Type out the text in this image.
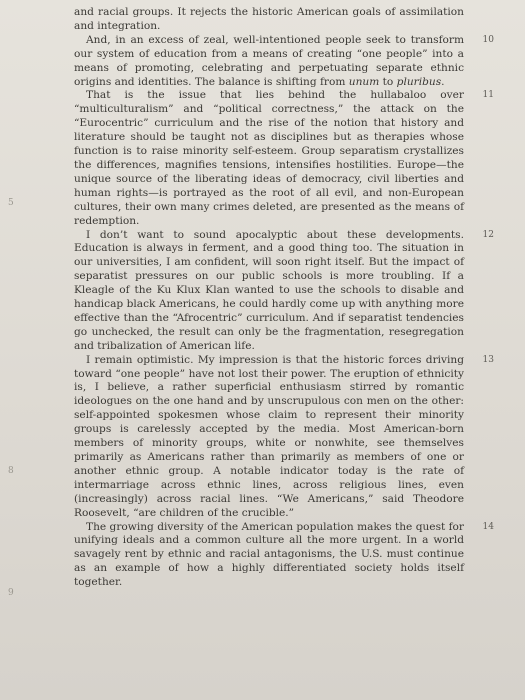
5
8
9

and racial groups. It rejects the historic American goals of assimilation and integration.

10
And, in an excess of zeal, well-intentioned people seek to transform our system of education from a means of creating “one people” into a means of promoting, celebrating and perpetuating separate ethnic origins and identities. The balance is shifting from unum to pluribus.

11
That is the issue that lies behind the hullabaloo over “multiculturalism” and “political correctness,” the attack on the “Eurocentric” curriculum and the rise of the notion that history and literature should be taught not as disciplines but as therapies whose function is to raise minority self-esteem. Group separatism crystallizes the differences, magnifies tensions, intensifies hostilities. Europe—the unique source of the liberating ideas of democracy, civil liberties and human rights—is portrayed as the root of all evil, and non-European cultures, their own many crimes deleted, are presented as the means of redemption.

12
I don’t want to sound apocalyptic about these developments. Education is always in ferment, and a good thing too. The situation in our universities, I am confident, will soon right itself. But the impact of separatist pressures on our public schools is more troubling. If a Kleagle of the Ku Klux Klan wanted to use the schools to disable and handicap black Americans, he could hardly come up with anything more effective than the “Afrocentric” curriculum. And if separatist tendencies go unchecked, the result can only be the fragmentation, resegregation and tribalization of American life.

13
I remain optimistic. My impression is that the historic forces driving toward “one people” have not lost their power. The eruption of ethnicity is, I believe, a rather superficial enthusiasm stirred by romantic ideologues on the one hand and by unscrupulous con men on the other: self-appointed spokesmen whose claim to represent their minority groups is carelessly accepted by the media. Most American-born members of minority groups, white or nonwhite, see themselves primarily as Americans rather than primarily as members of one or another ethnic group. A notable indicator today is the rate of intermarriage across ethnic lines, across religious lines, even (increasingly) across racial lines. “We Americans,” said Theodore Roosevelt, “are children of the crucible.”

14
The growing diversity of the American population makes the quest for unifying ideals and a common culture all the more urgent. In a world savagely rent by ethnic and racial antagonisms, the U.S. must continue as an example of how a highly differentiated society holds itself together.
